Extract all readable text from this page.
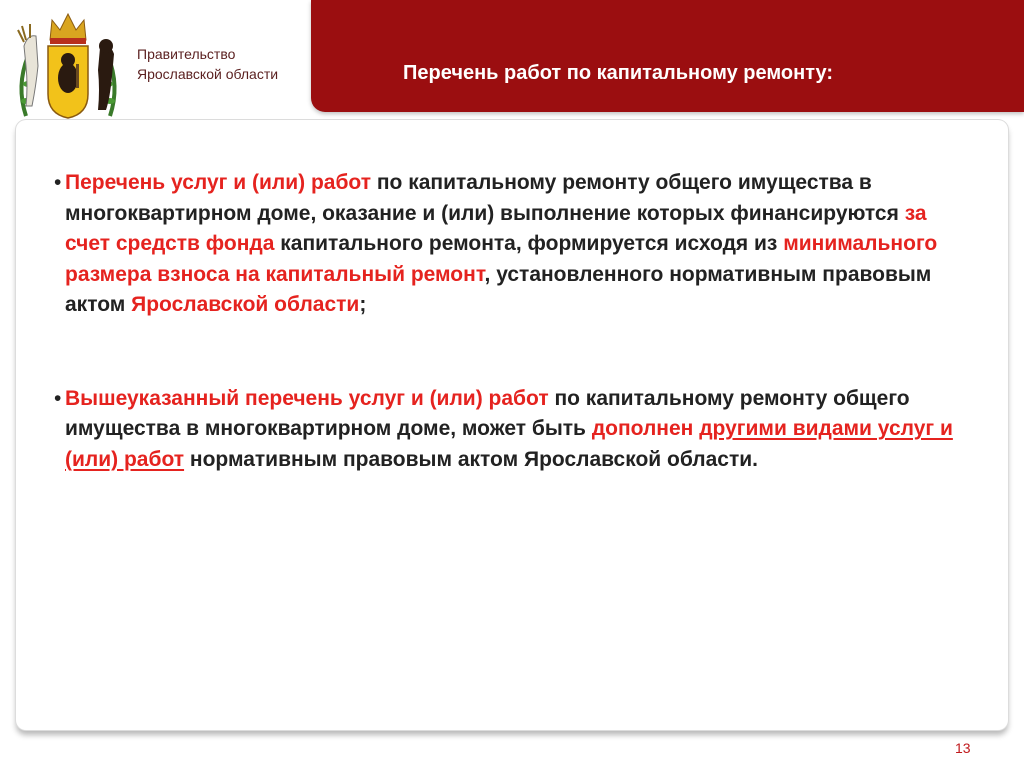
Правительство
Ярославской области	Перечень работ по капитальному ремонту:
• Перечень услуг и (или) работ по капитальному ремонту общего имущества в многоквартирном доме, оказание и (или) выполнение которых финансируются за счет средств фонда капитального ремонта, формируется исходя из минимального размера взноса на капитальный ремонт, установленного нормативным правовым актом Ярославской области;
• Вышеуказанный перечень услуг и (или) работ по капитальному ремонту общего имущества в многоквартирном доме, может быть дополнен другими видами услуг и (или) работ нормативным правовым актом Ярославской области.
13
